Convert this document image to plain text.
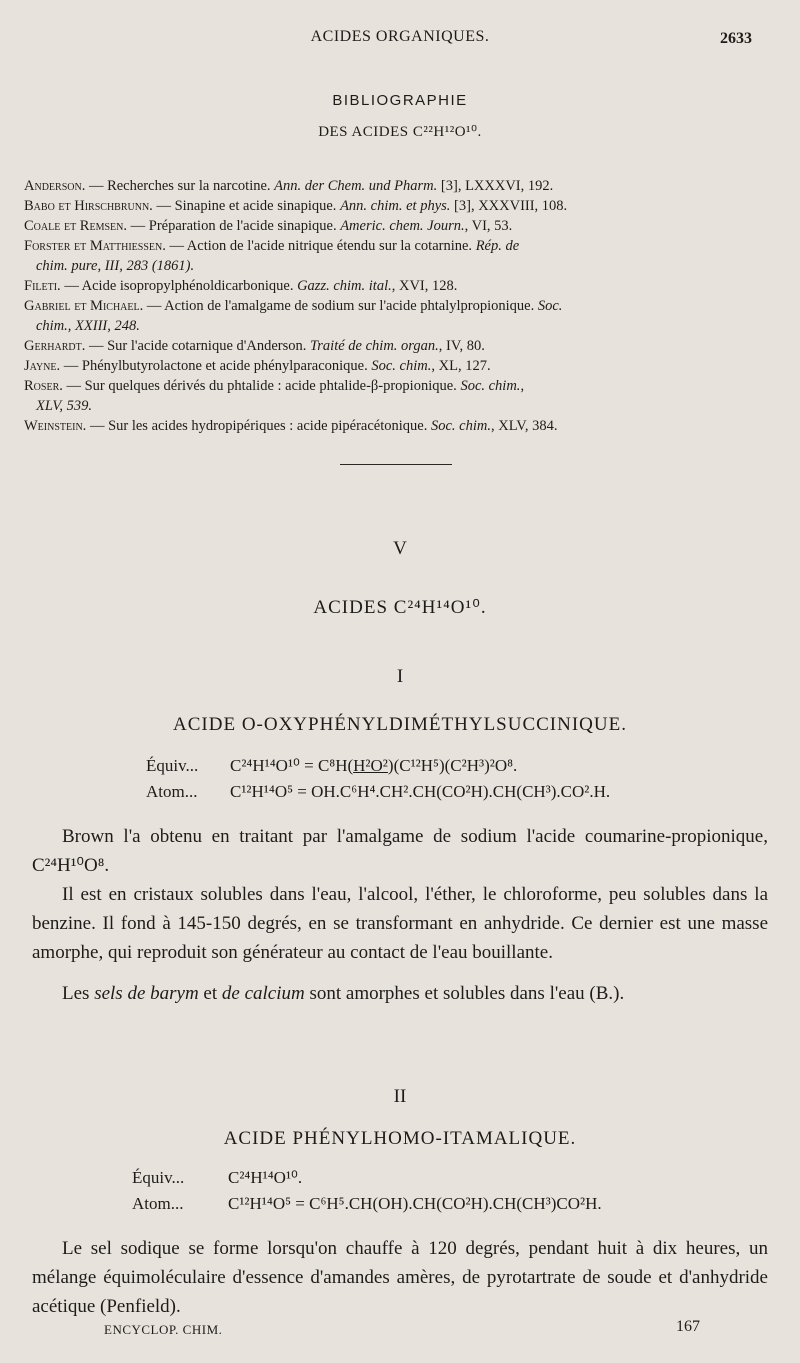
ACIDES ORGANIQUES.	2633
BIBLIOGRAPHIE
DES ACIDES C²²H¹²O¹⁰.

Anderson. — Recherches sur la narcotine. Ann. der Chem. und Pharm. [3], LXXXVI, 192.

Babo et Hirschbrunn. — Sinapine et acide sinapique. Ann. chim. et phys. [3], XXXVIII, 108.

Coale et Remsen. — Préparation de l'acide sinapique. Americ. chem. Journ., VI, 53.

Forster et Matthiessen. — Action de l'acide nitrique étendu sur la cotarnine. Rép. de
chim. pure, III, 283 (1861).

Fileti. — Acide isopropylphénoldicarbonique. Gazz. chim. ital., XVI, 128.

Gabriel et Michael. — Action de l'amalgame de sodium sur l'acide phtalylpropionique. Soc.
chim., XXIII, 248.

Gerhardt. — Sur l'acide cotarnique d'Anderson. Traité de chim. organ., IV, 80.

Jayne. — Phénylbutyrolactone et acide phénylparaconique. Soc. chim., XL, 127.

Roser. — Sur quelques dérivés du phtalide : acide phtalide-β-propionique. Soc. chim.,
XLV, 539.

Weinstein. — Sur les acides hydropipériques : acide pipéracétonique. Soc. chim., XLV, 384.

V
ACIDES C²⁴H¹⁴O¹⁰.
I
ACIDE O-OXYPHÉNYLDIMÉTHYLSUCCINIQUE.
Équiv... C²⁴H¹⁴O¹⁰ = C⁸H(H²O²)(C¹²H⁵)(C²H³)²O⁸.
Atom... C¹²H¹⁴O⁵ = OH.C⁶H⁴.CH².CH(CO²H).CH(CH³).CO².H.

Brown l'a obtenu en traitant par l'amalgame de sodium l'acide coumarine-propionique, C²⁴H¹⁰O⁸.

Il est en cristaux solubles dans l'eau, l'alcool, l'éther, le chloroforme, peu solubles dans la benzine. Il fond à 145-150 degrés, en se transformant en anhydride. Ce dernier est une masse amorphe, qui reproduit son générateur au contact de l'eau bouillante.

Les sels de barym et de calcium sont amorphes et solubles dans l'eau (B.).

II
ACIDE PHÉNYLHOMO-ITAMALIQUE.
Équiv...	C²⁴H¹⁴O¹⁰.
Atom...	C¹²H¹⁴O⁵ = C⁶H⁵.CH(OH).CH(CO²H).CH(CH³)CO²H.

Le sel sodique se forme lorsqu'on chauffe à 120 degrés, pendant huit à dix heures, un mélange équimoléculaire d'essence d'amandes amères, de pyrotartrate de soude et d'anhydride acétique (Penfield).

ENCYCLOP. CHIM.	167
